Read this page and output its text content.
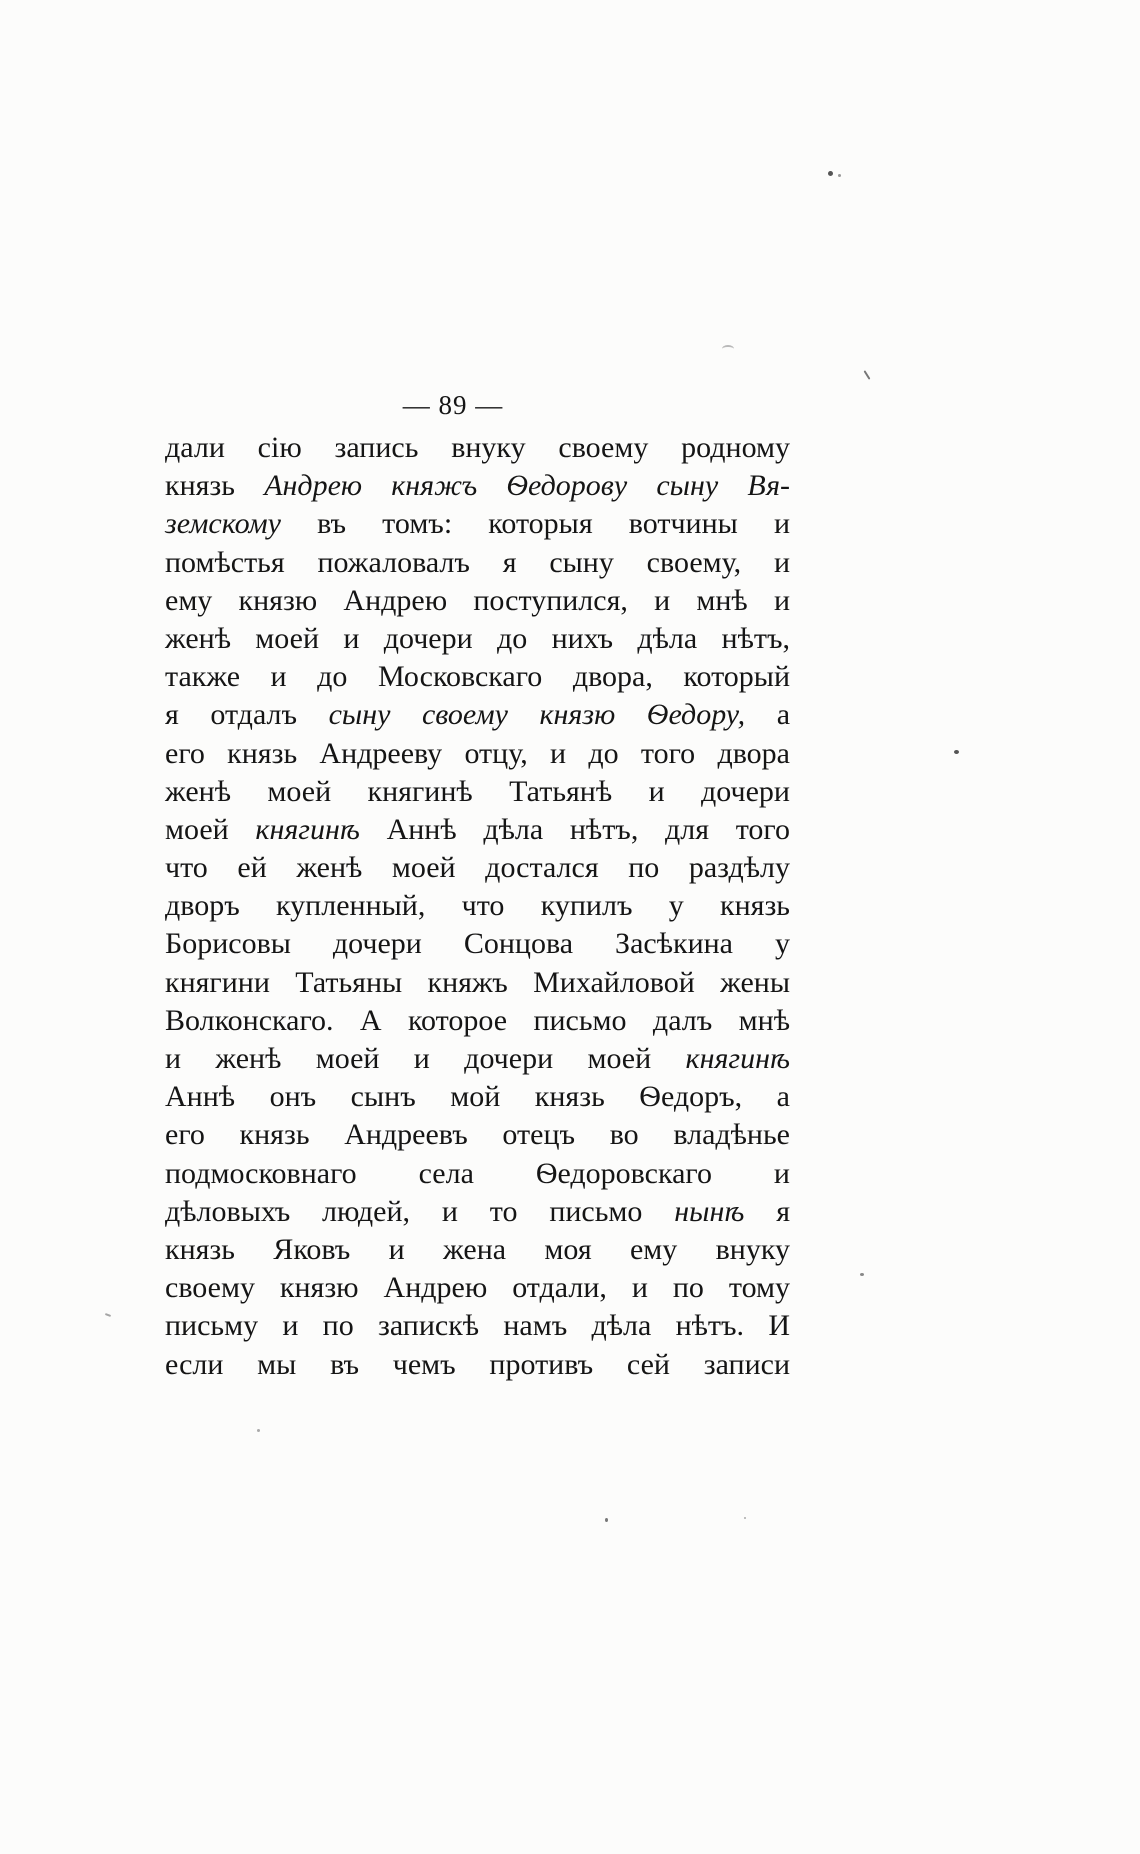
— 89 —
дали сію запись внуку своему родному
князь Андрею княжъ Ѳедорову сыну Вя-
земскому въ томъ: которыя вотчины и
помѣстья пожаловалъ я сыну своему, и
ему князю Андрею поступился, и мнѣ и
женѣ моей и дочери до нихъ дѣла нѣтъ,
также и до Московскаго двора, который
я отдалъ сыну своему князю Ѳедору, а
его князь Андрееву отцу, и до того двора
женѣ моей княгинѣ Татьянѣ и дочери
моей княгинѣ Аннѣ дѣла нѣтъ, для того
что ей женѣ моей достался по раздѣлу
дворъ купленный, что купилъ у князь
Борисовы дочери Сонцова Засѣкина у
княгини Татьяны княжъ Михайловой жены
Волконскаго. А которое письмо далъ мнѣ
и женѣ моей и дочери моей княгинѣ
Аннѣ онъ сынъ мой князь Ѳедоръ, а
его князь Андреевъ отецъ во владѣнье
подмосковнаго села Ѳедоровскаго и
дѣловыхъ людей, и то письмо нынѣ я
князь Яковъ и жена моя ему внуку
своему князю Андрею отдали, и по тому
письму и по запискѣ намъ дѣла нѣтъ. И
если мы въ чемъ противъ сей записи
